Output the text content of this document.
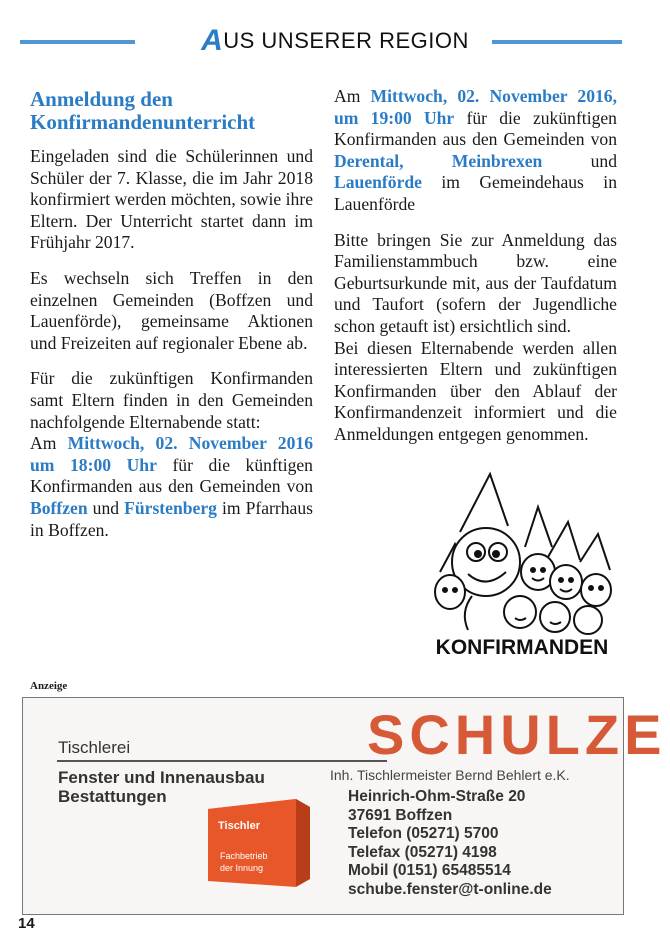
AUS UNSERER REGION
Anmeldung den Konfirmandenunterricht

Eingeladen sind die Schülerinnen und Schüler der 7. Klasse, die im Jahr 2018 konfirmiert werden möchten, sowie ihre Eltern. Der Unterricht startet dann im Frühjahr 2017.

Es wechseln sich Treffen in den einzelnen Gemeinden (Boffzen und Lauenförde), gemeinsame Aktionen und Freizeiten auf regionaler Ebene ab.

Für die zukünftigen Konfirmanden samt Eltern finden in den Gemeinden nachfolgende Elternabende statt:

Am Mittwoch, 02. November 2016 um 18:00 Uhr für die künftigen Konfirmanden aus den Gemeinden von Boffzen und Fürstenberg im Pfarrhaus in Boffzen.

Am Mittwoch, 02. November 2016, um 19:00 Uhr für die zukünftigen Konfirmanden aus den Gemeinden von Derental, Meinbrexen und Lauenförde im Gemeindehaus in Lauenförde

Bitte bringen Sie zur Anmeldung das Familienstammbuch bzw. eine Geburtsurkunde mit, aus der Taufdatum und Taufort (sofern der Jugendliche schon getauft ist) ersichtlich sind.

Bei diesen Elternabende werden allen interessierten Eltern und zukünftigen Konfirmanden über den Ablauf der Konfirmandenzeit informiert und die Anmeldungen entgegen genommen.

KONFIRMANDEN
Anzeige
Tischlerei	SCHULZE
Fenster und Innenausbau
Bestattungen
Inh. Tischlermeister Bernd Behlert e.K.
Heinrich-Ohm-Straße 20
37691 Boffzen
Telefon (05271) 5700
Telefax (05271) 4198
Mobil (0151) 65485514
schube.fenster@t-online.de
Tischler
Fachbetrieb
der Innung
14
